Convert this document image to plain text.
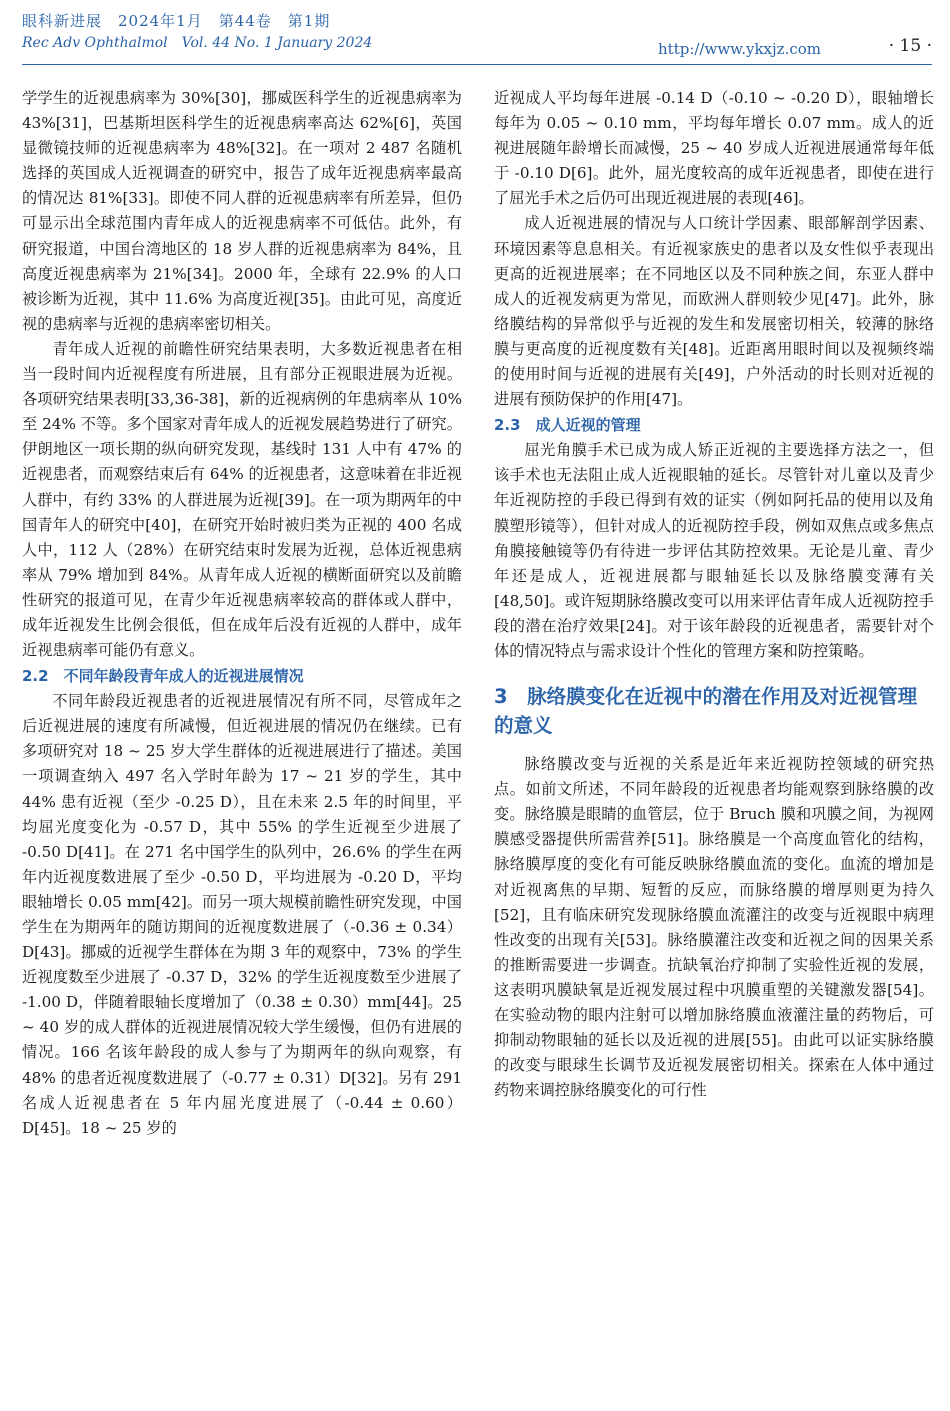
眼科新进展　2024年1月　第44卷　第1期
Rec Adv Ophthalmol　Vol. 44 No. 1 January 2024	http://www.ykxjz.com	· 15 ·

学学生的近视患病率为 30%[30]，挪威医科学生的近视患病率为 43%[31]，巴基斯坦医科学生的近视患病率高达 62%[6]，英国显微镜技师的近视患病率为 48%[32]。在一项对 2 487 名随机选择的英国成人近视调查的研究中，报告了成年近视患病率最高的情况达 81%[33]。即使不同人群的近视患病率有所差异，但仍可显示出全球范围内青年成人的近视患病率不可低估。此外，有研究报道，中国台湾地区的 18 岁人群的近视患病率为 84%，且高度近视患病率为 21%[34]。2000 年，全球有 22.9% 的人口被诊断为近视，其中 11.6% 为高度近视[35]。由此可见，高度近视的患病率与近视的患病率密切相关。

青年成人近视的前瞻性研究结果表明，大多数近视患者在相当一段时间内近视程度有所进展，且有部分正视眼进展为近视。各项研究结果表明[33,36-38]，新的近视病例的年患病率从 10% 至 24% 不等。多个国家对青年成人的近视发展趋势进行了研究。伊朗地区一项长期的纵向研究发现，基线时 131 人中有 47% 的近视患者，而观察结束后有 64% 的近视患者，这意味着在非近视人群中，有约 33% 的人群进展为近视[39]。在一项为期两年的中国青年人的研究中[40]，在研究开始时被归类为正视的 400 名成人中，112 人（28%）在研究结束时发展为近视，总体近视患病率从 79% 增加到 84%。从青年成人近视的横断面研究以及前瞻性研究的报道可见，在青少年近视患病率较高的群体或人群中，成年近视发生比例会很低，但在成年后没有近视的人群中，成年近视患病率可能仍有意义。

2.2　不同年龄段青年成人的近视进展情况

不同年龄段近视患者的近视进展情况有所不同，尽管成年之后近视进展的速度有所减慢，但近视进展的情况仍在继续。已有多项研究对 18 ~ 25 岁大学生群体的近视进展进行了描述。美国一项调查纳入 497 名入学时年龄为 17 ~ 21 岁的学生，其中 44% 患有近视（至少 -0.25 D），且在未来 2.5 年的时间里，平均屈光度变化为 -0.57 D，其中 55% 的学生近视至少进展了 -0.50 D[41]。在 271 名中国学生的队列中，26.6% 的学生在两年内近视度数进展了至少 -0.50 D，平均进展为 -0.20 D，平均眼轴增长 0.05 mm[42]。而另一项大规模前瞻性研究发现，中国学生在为期两年的随访期间的近视度数进展了（-0.36 ± 0.34）D[43]。挪威的近视学生群体在为期 3 年的观察中，73% 的学生近视度数至少进展了 -0.37 D，32% 的学生近视度数至少进展了 -1.00 D，伴随着眼轴长度增加了（0.38 ± 0.30）mm[44]。25 ~ 40 岁的成人群体的近视进展情况较大学生缓慢，但仍有进展的情况。166 名该年龄段的成人参与了为期两年的纵向观察，有 48% 的患者近视度数进展了（-0.77 ± 0.31）D[32]。另有 291 名成人近视患者在 5 年内屈光度进展了（-0.44 ± 0.60）D[45]。18 ~ 25 岁的

近视成人平均每年进展 -0.14 D（-0.10 ~ -0.20 D），眼轴增长每年为 0.05 ~ 0.10 mm，平均每年增长 0.07 mm。成人的近视进展随年龄增长而减慢，25 ~ 40 岁成人近视进展通常每年低于 -0.10 D[6]。此外，屈光度较高的成年近视患者，即使在进行了屈光手术之后仍可出现近视进展的表现[46]。

成人近视进展的情况与人口统计学因素、眼部解剖学因素、环境因素等息息相关。有近视家族史的患者以及女性似乎表现出更高的近视进展率；在不同地区以及不同种族之间，东亚人群中成人的近视发病更为常见，而欧洲人群则较少见[47]。此外，脉络膜结构的异常似乎与近视的发生和发展密切相关，较薄的脉络膜与更高度的近视度数有关[48]。近距离用眼时间以及视频终端的使用时间与近视的进展有关[49]，户外活动的时长则对近视的进展有预防保护的作用[47]。

2.3　成人近视的管理

屈光角膜手术已成为成人矫正近视的主要选择方法之一，但该手术也无法阻止成人近视眼轴的延长。尽管针对儿童以及青少年近视防控的手段已得到有效的证实（例如阿托品的使用以及角膜塑形镜等），但针对成人的近视防控手段，例如双焦点或多焦点角膜接触镜等仍有待进一步评估其防控效果。无论是儿童、青少年还是成人，近视进展都与眼轴延长以及脉络膜变薄有关[48,50]。或许短期脉络膜改变可以用来评估青年成人近视防控手段的潜在治疗效果[24]。对于该年龄段的近视患者，需要针对个体的情况特点与需求设计个性化的管理方案和防控策略。

3　脉络膜变化在近视中的潜在作用及对近视管理的意义

脉络膜改变与近视的关系是近年来近视防控领域的研究热点。如前文所述，不同年龄段的近视患者均能观察到脉络膜的改变。脉络膜是眼睛的血管层，位于 Bruch 膜和巩膜之间，为视网膜感受器提供所需营养[51]。脉络膜是一个高度血管化的结构，脉络膜厚度的变化有可能反映脉络膜血流的变化。血流的增加是对近视离焦的早期、短暂的反应，而脉络膜的增厚则更为持久[52]，且有临床研究发现脉络膜血流灌注的改变与近视眼中病理性改变的出现有关[53]。脉络膜灌注改变和近视之间的因果关系的推断需要进一步调查。抗缺氧治疗抑制了实验性近视的发展，这表明巩膜缺氧是近视发展过程中巩膜重塑的关键激发器[54]。在实验动物的眼内注射可以增加脉络膜血液灌注量的药物后，可抑制动物眼轴的延长以及近视的进展[55]。由此可以证实脉络膜的改变与眼球生长调节及近视发展密切相关。探索在人体中通过药物来调控脉络膜变化的可行性
